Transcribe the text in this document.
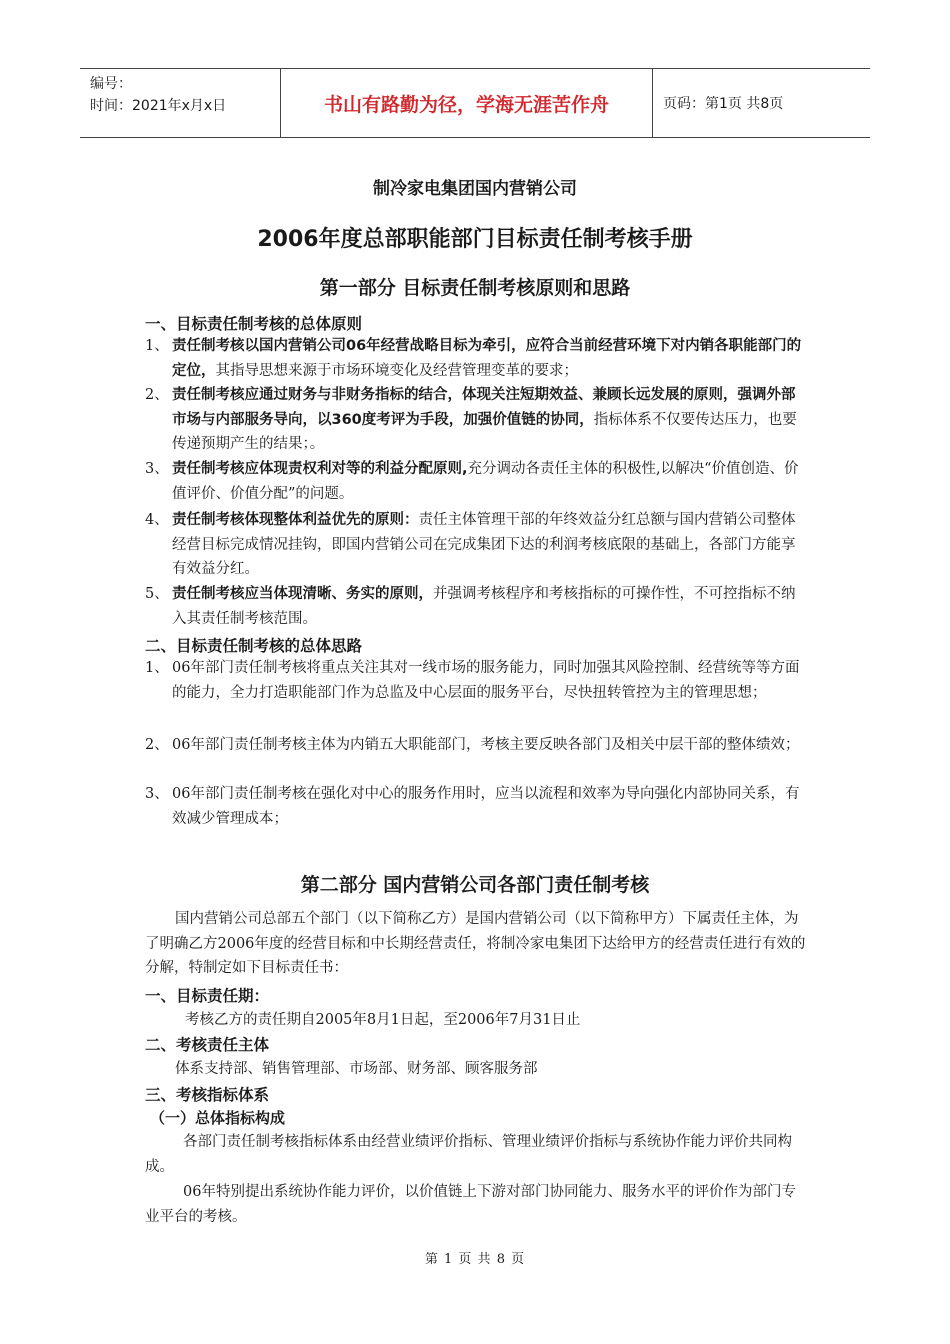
编号：
时间：2021年x月x日	书山有路勤为径，学海无涯苦作舟	页码：第1页 共8页
制冷家电集团国内营销公司
2006年度总部职能部门目标责任制考核手册
第一部分 目标责任制考核原则和思路
一、目标责任制考核的总体原则
1、 责任制考核以国内营销公司06年经营战略目标为牵引，应符合当前经营环境下对内销各职能部门的定位，其指导思想来源于市场环境变化及经营管理变革的要求；
2、 责任制考核应通过财务与非财务指标的结合，体现关注短期效益、兼顾长远发展的原则，强调外部市场与内部服务导向，以360度考评为手段，加强价值链的协同，指标体系不仅要传达压力，也要传递预期产生的结果；。
3、 责任制考核应体现责权利对等的利益分配原则,充分调动各责任主体的积极性,以解决“价值创造、价值评价、价值分配”的问题。
4、 责任制考核体现整体利益优先的原则：责任主体管理干部的年终效益分红总额与国内营销公司整体经营目标完成情况挂钩，即国内营销公司在完成集团下达的利润考核底限的基础上，各部门方能享有效益分红。
5、 责任制考核应当体现清晰、务实的原则，并强调考核程序和考核指标的可操作性，不可控指标不纳入其责任制考核范围。
二、目标责任制考核的总体思路
1、 06年部门责任制考核将重点关注其对一线市场的服务能力，同时加强其风险控制、经营统等等方面的能力，全力打造职能部门作为总监及中心层面的服务平台，尽快扭转管控为主的管理思想；
2、 06年部门责任制考核主体为内销五大职能部门，考核主要反映各部门及相关中层干部的整体绩效；
3、 06年部门责任制考核在强化对中心的服务作用时，应当以流程和效率为导向强化内部协同关系，有效减少管理成本；
第二部分 国内营销公司各部门责任制考核
国内营销公司总部五个部门（以下简称乙方）是国内营销公司（以下简称甲方）下属责任主体，为了明确乙方2006年度的经营目标和中长期经营责任，将制冷家电集团下达给甲方的经营责任进行有效的分解，特制定如下目标责任书：
一、目标责任期：
考核乙方的责任期自2005年8月1日起，至2006年7月31日止
二、考核责任主体
体系支持部、销售管理部、市场部、财务部、顾客服务部
三、考核指标体系
（一）总体指标构成
各部门责任制考核指标体系由经营业绩评价指标、管理业绩评价指标与系统协作能力评价共同构成。
06年特别提出系统协作能力评价，以价值链上下游对部门协同能力、服务水平的评价作为部门专业平台的考核。
第 1 页 共 8 页
